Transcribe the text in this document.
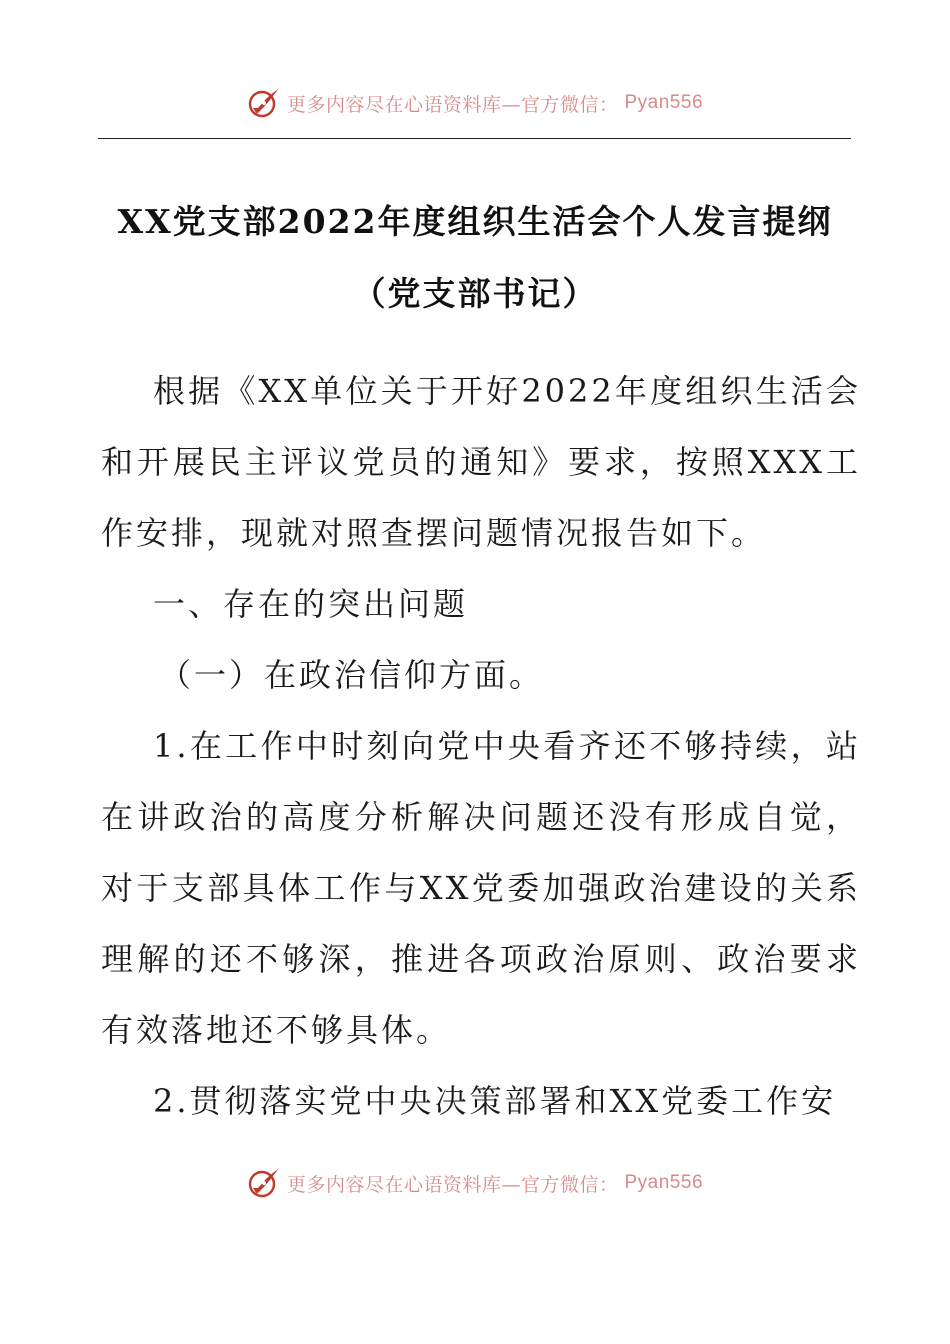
更多内容尽在心语资料库—官方微信： Pyan556
XX党支部2022年度组织生活会个人发言提纲
（党支部书记）

根据《XX单位关于开好2022年度组织生活会和开展民主评议党员的通知》要求，按照XXX工作安排，现就对照查摆问题情况报告如下。

一、存在的突出问题

（一）在政治信仰方面。

1.在工作中时刻向党中央看齐还不够持续，站在讲政治的高度分析解决问题还没有形成自觉，对于支部具体工作与XX党委加强政治建设的关系理解的还不够深，推进各项政治原则、政治要求有效落地还不够具体。

2.贯彻落实党中央决策部署和XX党委工作安

更多内容尽在心语资料库—官方微信： Pyan556
